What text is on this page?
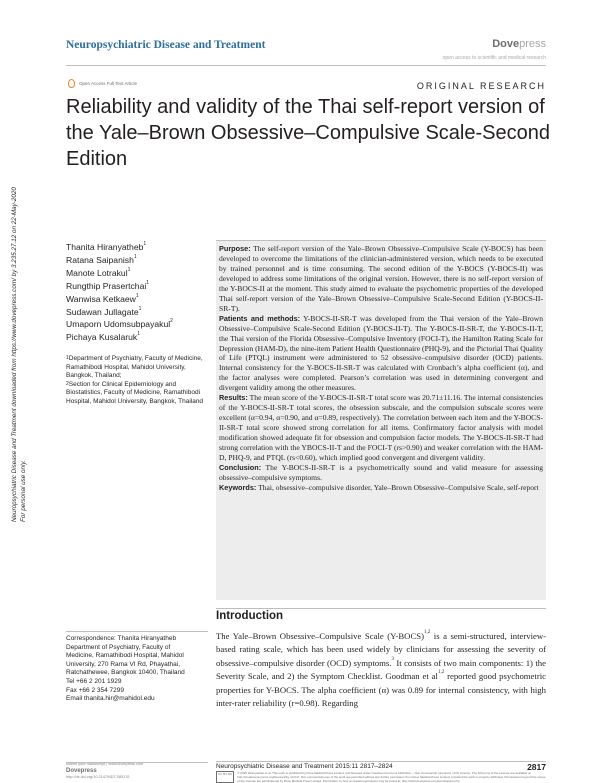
Neuropsychiatric Disease and Treatment	Dovepress
open access to scientific and medical research
Open Access Full Text Article	ORIGINAL RESEARCH
Neuropsychiatric Disease and Treatment downloaded from https://www.dovepress.com/ by 3.235.27.12 on 22-May-2020 For personal use only.
Reliability and validity of the Thai self-report version of the Yale–Brown Obsessive–Compulsive Scale-Second Edition
Thanita Hiranyatheb$^1$
Ratana Saipanish$^1$
Manote Lotrakul$^1$
Rungthip Prasertchai$^1$
Wanwisa Ketkaew$^1$
Sudawan Jullagate$^1$
Umaporn Udomsubpayakul$^2$
Pichaya Kusalaruk$^1$

$^1$Department of Psychiatry, Faculty of Medicine, Ramathibodi Hospital, Mahidol University, Bangkok, Thailand;

$^2$Section for Clinical Epidemiology and Biostatistics, Faculty of Medicine, Ramathibodi Hospital, Mahidol University, Bangkok, Thailand

Correspondence: Thanita Hiranyatheb
Department of Psychiatry, Faculty of
Medicine, Ramathibodi Hospital, Mahidol
University, 270 Rama VI Rd, Phayathai,
Ratchathewee, Bangkok 10400, Thailand
Tel +66 2 201 1929
Fax +66 2 354 7299
Email thanita.hir@mahidol.edu

Purpose: The self-report version of the Yale–Brown Obsessive–Compulsive Scale (Y-BOCS) has been developed to overcome the limitations of the clinician-administered version, which needs to be executed by trained personnel and is time consuming. The second edition of the Y-BOCS (Y-BOCS-II) was developed to address some limitations of the original version. However, there is no self-report version of the Y-BOCS-II at the moment. This study aimed to evaluate the psychometric properties of the developed Thai self-report version of the Yale–Brown Obsessive–Compulsive Scale-Second Edition (Y-BOCS-II-SR-T).

Patients and methods: Y-BOCS-II-SR-T was developed from the Thai version of the Yale–Brown Obsessive–Compulsive Scale-Second Edition (Y-BOCS-II-T). The Y-BOCS-II-SR-T, the Y-BOCS-II-T, the Thai version of the Florida Obsessive–Compulsive Inventory (FOCI-T), the Hamilton Rating Scale for Depression (HAM-D), the nine-item Patient Health Questionnaire (PHQ-9), and the Pictorial Thai Quality of Life (PTQL) instrument were administered to 52 obsessive–compulsive disorder (OCD) patients. Internal consistency for the Y-BOCS-II-SR-T was calculated with Cronbach’s alpha coefficient (α), and the factor analyses were completed. Pearson’s correlation was used in determining convergent and divergent validity among the other measures.

Results: The mean score of the Y-BOCS-II-SR-T total score was 20.71±11.16. The internal consistencies of the Y-BOCS-II-SR-T total scores, the obsession subscale, and the compulsion subscale scores were excellent (α=0.94, α=0.90, and α=0.89, respectively). The correlation between each item and the Y-BOCS-II-SR-T total score showed strong correlation for all items. Confirmatory factor analysis with model modification showed adequate fit for obsession and compulsion factor models. The Y-BOCS-II-SR-T had strong correlation with the YBOCS-II-T and the FOCI-T (rs>0.90) and weaker correlation with the HAM-D, PHQ-9, and PTQL (rs<0.60), which implied good convergent and divergent validity.

Conclusion: The Y-BOCS-II-SR-T is a psychometrically sound and valid measure for assessing obsessive–compulsive symptoms.

Keywords: Thai, obsessive–compulsive disorder, Yale–Brown Obsessive–Compulsive Scale, self-report

Introduction

The Yale–Brown Obsessive–Compulsive Scale (Y-BOCS)$^{1,2}$ is a semi-structured, interview-based rating scale, which has been used widely by clinicians for assessing the severity of obsessive–compulsive disorder (OCD) symptoms.$^3$ It consists of two main components: 1) the Severity Scale, and 2) the Symptom Checklist. Goodman et al$^{1,2}$ reported good psychometric properties for Y-BOCS. The alpha coefficient (α) was 0.89 for internal consistency, with high inter-rater reliability (r=0.98). Regarding

submit your manuscript | www.dovepress.com
Dovepress
http://dx.doi.org/10.2147/NDT.S85176
Neuropsychiatric Disease and Treatment 2015:11 2817–2824	2817
CC BY-NC	© 2015 Hiranyatheb et al. This work is published by Dove Medical Press Limited, and licensed under Creative Commons Attribution – Non Commercial (unported, v3.0) License. The full terms of the License are available at http://creativecommons.org/licenses/by-nc/3.0/. Non-commercial uses of the work are permitted without any further permission from Dove Medical Press Limited, provided the work is properly attributed. Permissions beyond the scope of the License are administered by Dove Medical Press Limited. Information on how to request permission may be found at: http://www.dovepress.com/permissions.php
